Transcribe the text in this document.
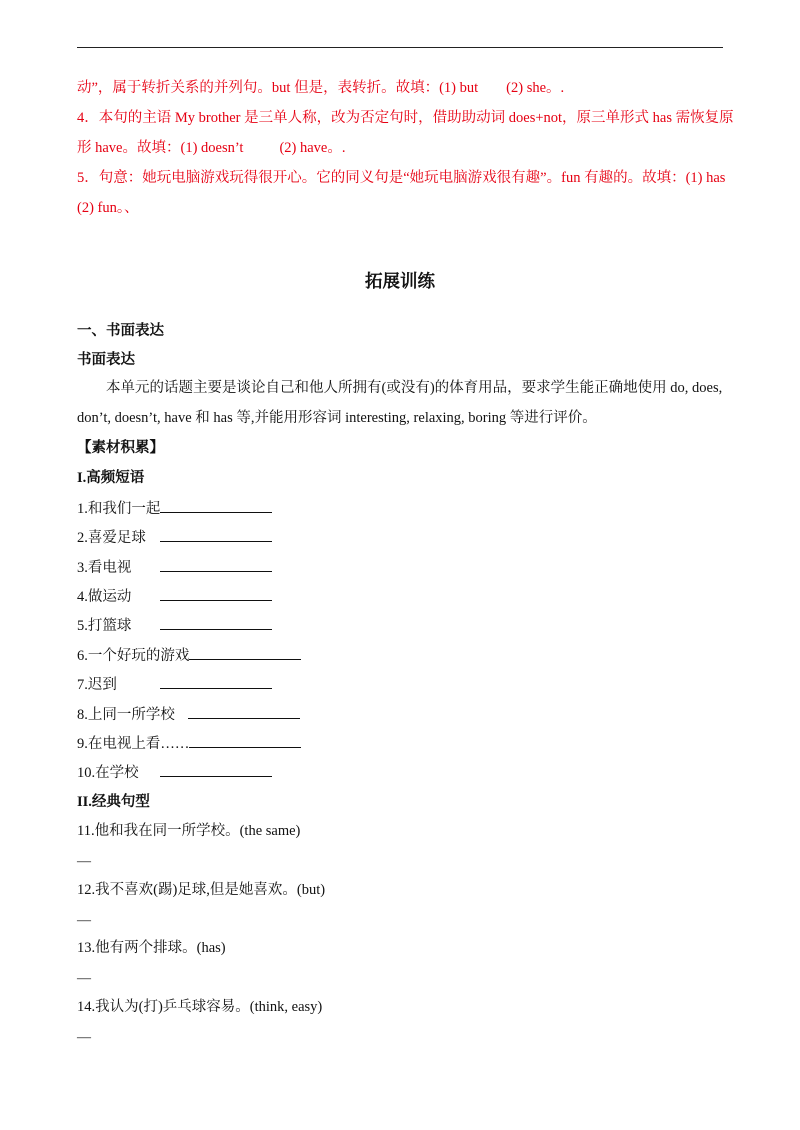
动”，属于转折关系的并列句。but 但是，表转折。故填：(1) but (2) she。.
4．本句的主语 My brother 是三单人称，改为否定句时，借助助动词 does+not，原三单形式 has 需恢复原
形 have。故填：(1) doesn’t (2) have。.
5．句意：她玩电脑游戏玩得很开心。它的同义句是“她玩电脑游戏很有趣”。fun 有趣的。故填：(1) has
(2) fun。、
拓展训练
一、书面表达
书面表达
本单元的话题主要是谈论自己和他人所拥有(或没有)的体育用品，要求学生能正确地使用 do, does,
don’t, doesn’t, have 和 has 等,并能用形容词 interesting, relaxing, boring 等进行评价。
【素材积累】
I.高频短语
1.和我们一起
2.喜爱足球
3.看电视
4.做运动
5.打篮球
6.一个好玩的游戏
7.迟到
8.上同一所学校
9.在电视上看……
10.在学校
II.经典句型
11.他和我在同一所学校。(the same)
—
12.我不喜欢(踢)足球,但是她喜欢。(but)
—
13.他有两个排球。(has)
—
14.我认为(打)乒乓球容易。(think, easy)
—
